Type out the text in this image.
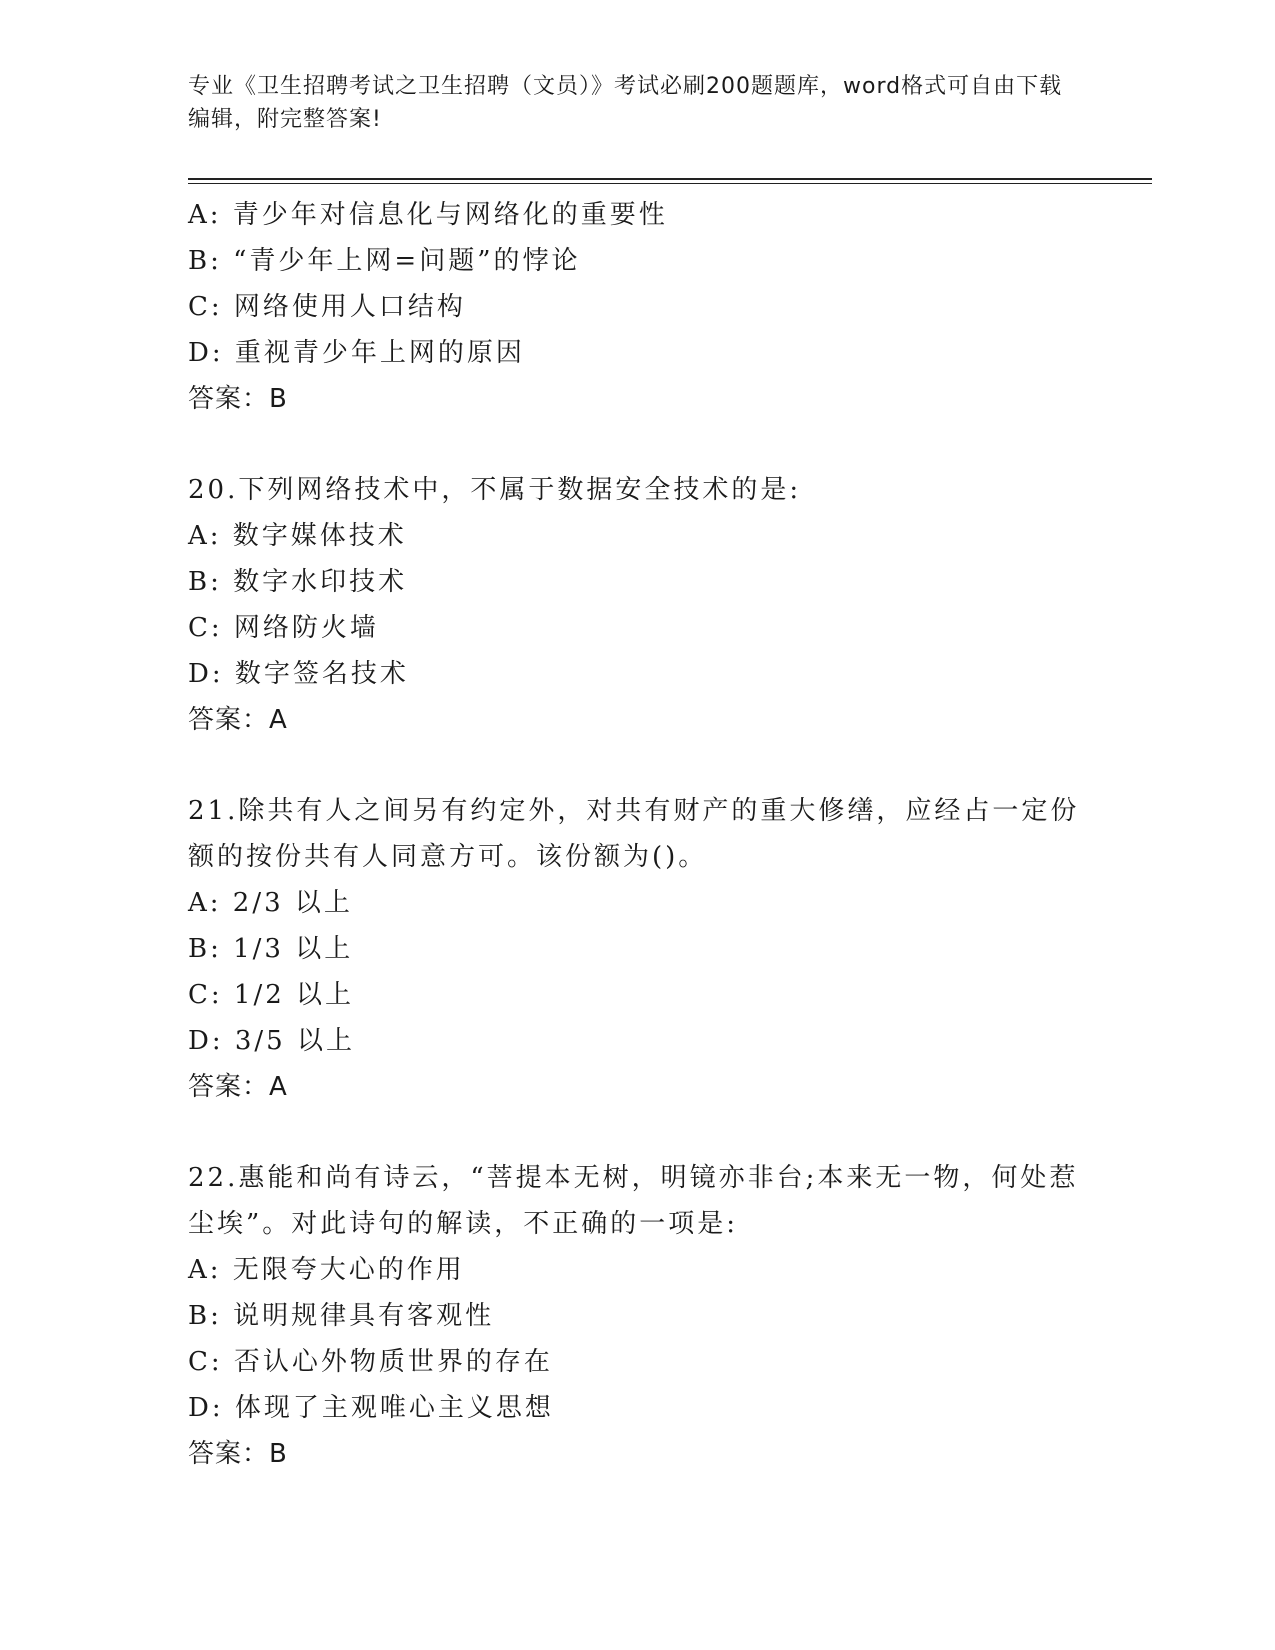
专业《卫生招聘考试之卫生招聘（文员）》考试必刷200题题库，word格式可自由下载编辑，附完整答案!
A: 青少年对信息化与网络化的重要性
B: “青少年上网=问题”的悖论
C: 网络使用人口结构
D: 重视青少年上网的原因
答案：B
20.下列网络技术中，不属于数据安全技术的是:
A: 数字媒体技术
B: 数字水印技术
C: 网络防火墙
D: 数字签名技术
答案：A
21.除共有人之间另有约定外，对共有财产的重大修缮，应经占一定份额的按份共有人同意方可。该份额为()。
A: 2/3 以上
B: 1/3 以上
C: 1/2 以上
D: 3/5 以上
答案：A
22.惠能和尚有诗云，“菩提本无树，明镜亦非台;本来无一物，何处惹尘埃”。对此诗句的解读，不正确的一项是:
A: 无限夸大心的作用
B: 说明规律具有客观性
C: 否认心外物质世界的存在
D: 体现了主观唯心主义思想
答案：B
